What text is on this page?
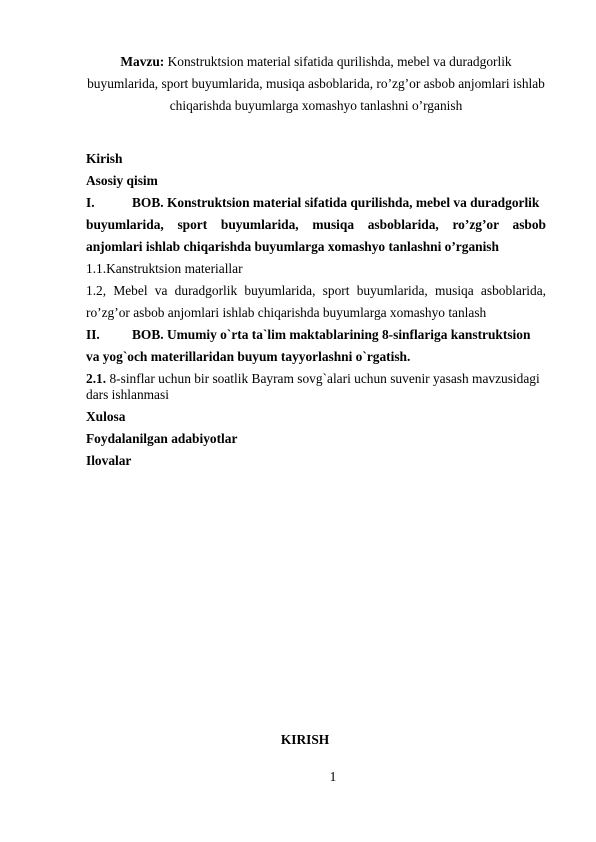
Mavzu: Konstruktsion material sifatida qurilishda, mebel va duradgorlik buyumlarida, sport buyumlarida, musiqa asboblarida, ro’zg’or asbob anjomlari ishlab chiqarishda buyumlarga xomashyo tanlashni o’rganish
Kirish
Asosiy qisim
I.	BOB. Konstruktsion material sifatida qurilishda, mebel va duradgorlik
buyumlarida, sport buyumlarida, musiqa asboblarida, ro’zg’or asbob
anjomlari ishlab chiqarishda buyumlarga xomashyo tanlashni o’rganish
1.1.Kanstruktsion materiallar
1.2, Mebel va duradgorlik buyumlarida, sport buyumlarida, musiqa asboblarida, ro’zg’or asbob anjomlari ishlab chiqarishda buyumlarga xomashyo tanlash
II. BOB. Umumiy o`rta ta`lim maktablarining 8-sinflariga kanstruktsion
va yog`och materillaridan buyum tayyorlashni o`rgatish.
2.1. 8-sinflar uchun bir soatlik Bayram sovg`alari uchun suvenir yasash mavzusidagi dars ishlanmasi
Xulosa
Foydalanilgan adabiyotlar
Ilovalar
KIRISH
1
